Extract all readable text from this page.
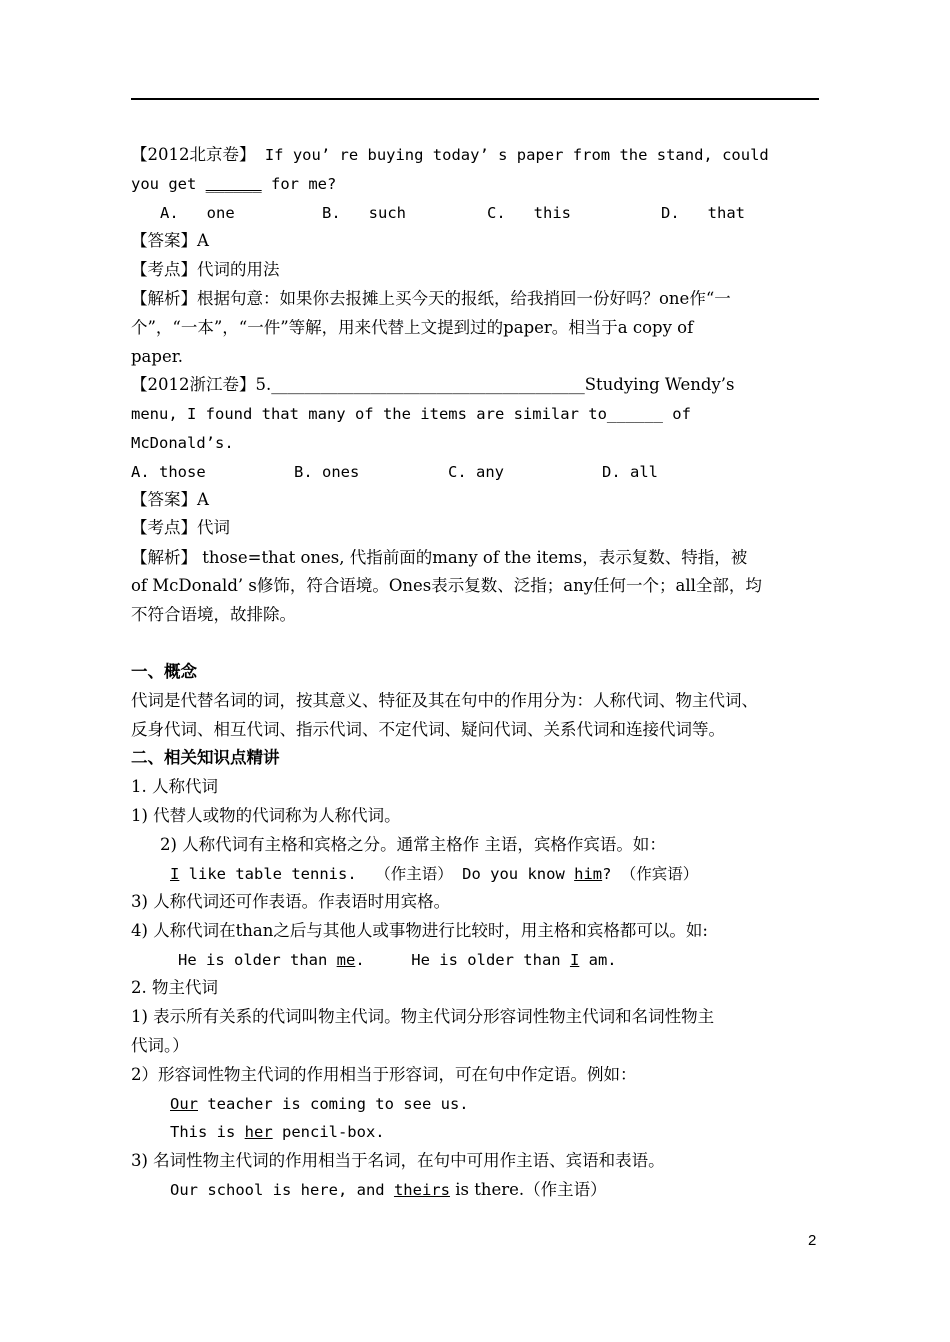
【2012北京卷】 If you’ re buying today’ s paper from the stand, could
you get ______ for me?
A.   one	B.   such	C.   this	D.   that
【答案】A
【考点】代词的用法
【解析】根据句意：如果你去报摊上买今天的报纸，给我捎回一份好吗？one作“一
个”，“一本”，“一件”等解，用来代替上文提到过的paper。相当于a copy of
paper.
【2012浙江卷】5.______________________________________Studying Wendy’s
menu, I found that many of the items are similar to______ of
McDonald’s.
A. those	B. ones	C. any	D. all
【答案】A
【考点】代词
【解析】 those=that ones, 代指前面的many of the items，表示复数、特指，被
of McDonald’ s修饰，符合语境。Ones表示复数、泛指；any任何一个；all全部，均
不符合语境，故排除。
一、概念
代词是代替名词的词，按其意义、特征及其在句中的作用分为：人称代词、物主代词、
反身代词、相互代词、指示代词、不定代词、疑问代词、关系代词和连接代词等。
二、相关知识点精讲
1. 人称代词
1) 代替人或物的代词称为人称代词。
2) 人称代词有主格和宾格之分。通常主格作 主语，宾格作宾语。如：
I like table tennis.  （作主语） Do you know him? （作宾语）
3) 人称代词还可作表语。作表语时用宾格。
4) 人称代词在than之后与其他人或事物进行比较时，用主格和宾格都可以。如:
He is older than me.     He is older than I am.
2. 物主代词
1) 表示所有关系的代词叫物主代词。物主代词分形容词性物主代词和名词性物主
代词。）
2）形容词性物主代词的作用相当于形容词，可在句中作定语。例如：
Our teacher is coming to see us.
This is her pencil-box.
3) 名词性物主代词的作用相当于名词，在句中可用作主语、宾语和表语。
Our school is here, and theirs is there.（作主语）
2
